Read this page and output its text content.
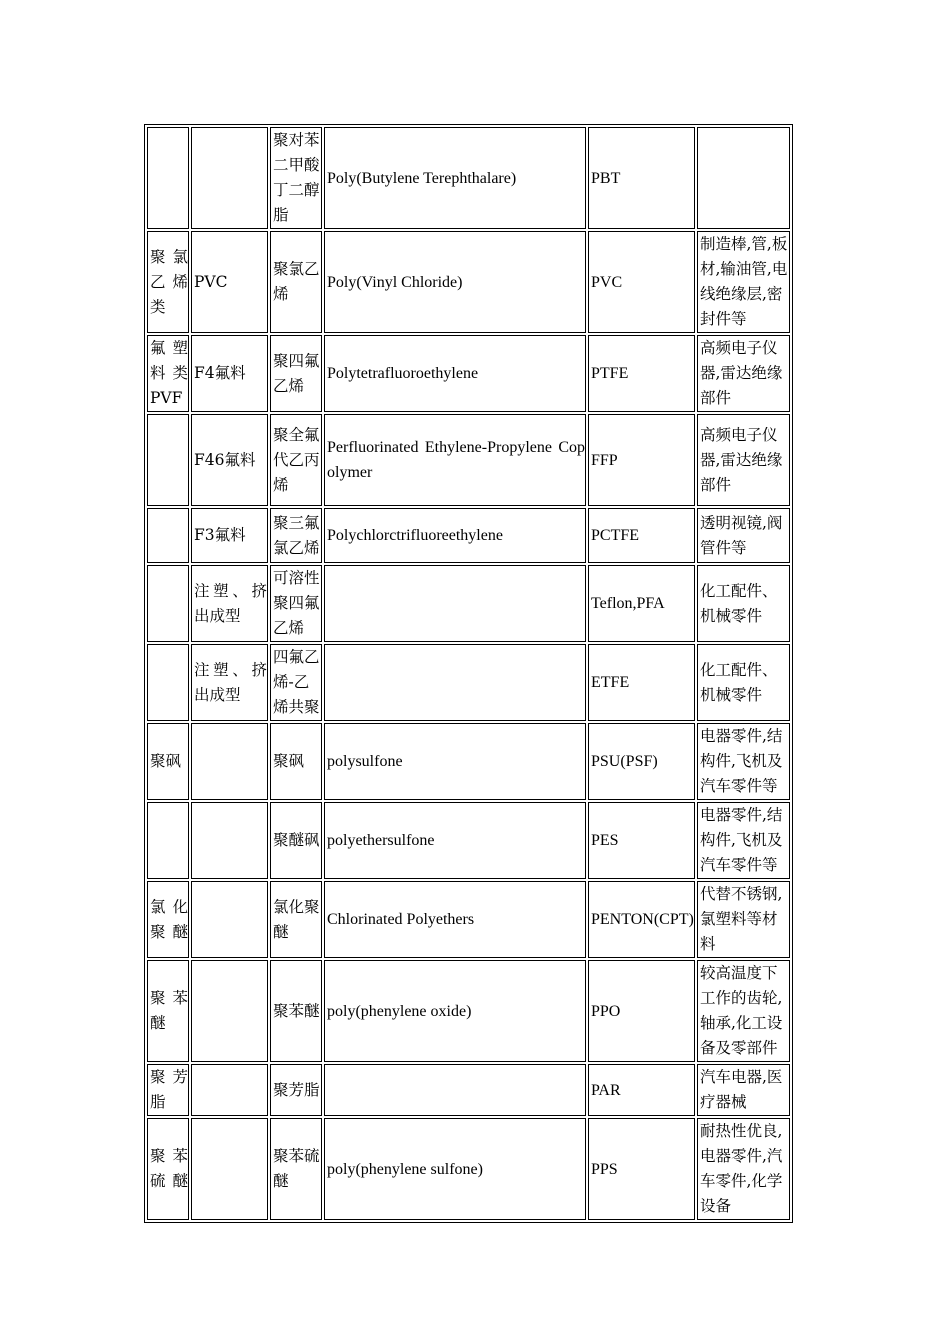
		聚对苯二甲酸丁二醇脂	Poly(Butylene Terephthalare)	PBT	
聚氯乙烯类	PVC	聚氯乙烯	Poly(Vinyl Chloride)	PVC	制造棒,管,板材,输油管,电线绝缘层,密封件等
氟塑料类PVF	F4氟料	聚四氟乙烯	Polytetrafluoroethylene	PTFE	高频电子仪器,雷达绝缘部件
	F46氟料	聚全氟代乙丙烯	Perfluorinated Ethylene-Propylene Copolymer	FFP	高频电子仪器,雷达绝缘部件
	F3氟料	聚三氟氯乙烯	Polychlorctrifluoreethylene	PCTFE	透明视镜,阀管件等
	注塑、挤出成型	可溶性聚四氟乙烯		Teflon,PFA	化工配件、机械零件
	注塑、挤出成型	四氟乙烯-乙烯共聚		ETFE	化工配件、机械零件
聚砜		聚砜	polysulfone	PSU(PSF)	电器零件,结构件,飞机及汽车零件等
		聚醚砜	polyethersulfone	PES	电器零件,结构件,飞机及汽车零件等
氯化聚醚		氯化聚醚	Chlorinated Polyethers	PENTON(CPT)	代替不锈钢,氯塑料等材料
聚苯醚		聚苯醚	poly(phenylene oxide)	PPO	较高温度下工作的齿轮,轴承,化工设备及零部件
聚芳脂		聚芳脂		PAR	汽车电器,医疗器械
聚苯硫醚		聚苯硫醚	poly(phenylene sulfone)	PPS	耐热性优良,电器零件,汽车零件,化学设备
